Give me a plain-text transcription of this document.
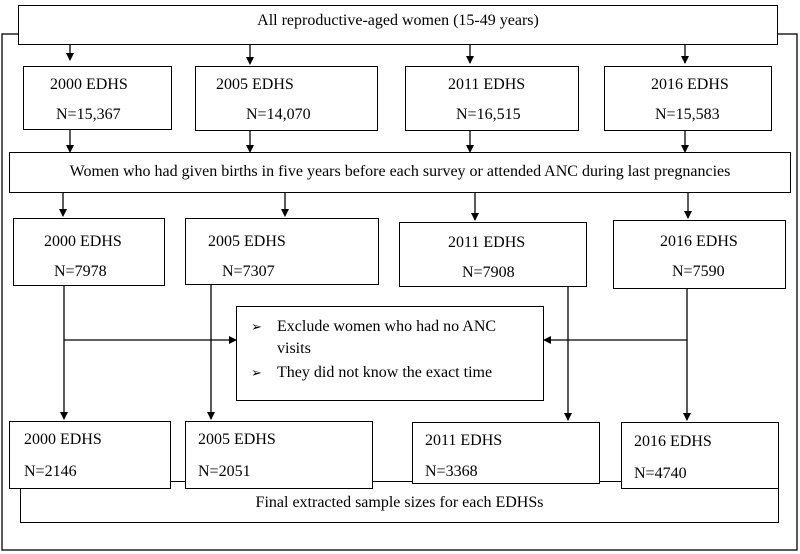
Final extracted sample sizes for each EDHSs
All reproductive-aged women (15-49 years)
2000 EDHS
N=15,367
2005 EDHS
N=14,070
2011 EDHS
N=16,515
2016 EDHS
N=15,583
Women who had given births in five years before each survey or attended ANC during last pregnancies
2000 EDHS
N=7978
2005 EDHS
N=7307
2011 EDHS
N=7908
2016 EDHS
N=7590
➢ Exclude women who had no ANC
visits
➢ They did not know the exact time
2000 EDHS
N=2146
2005 EDHS
N=2051
2011 EDHS
N=3368
2016 EDHS
N=4740
